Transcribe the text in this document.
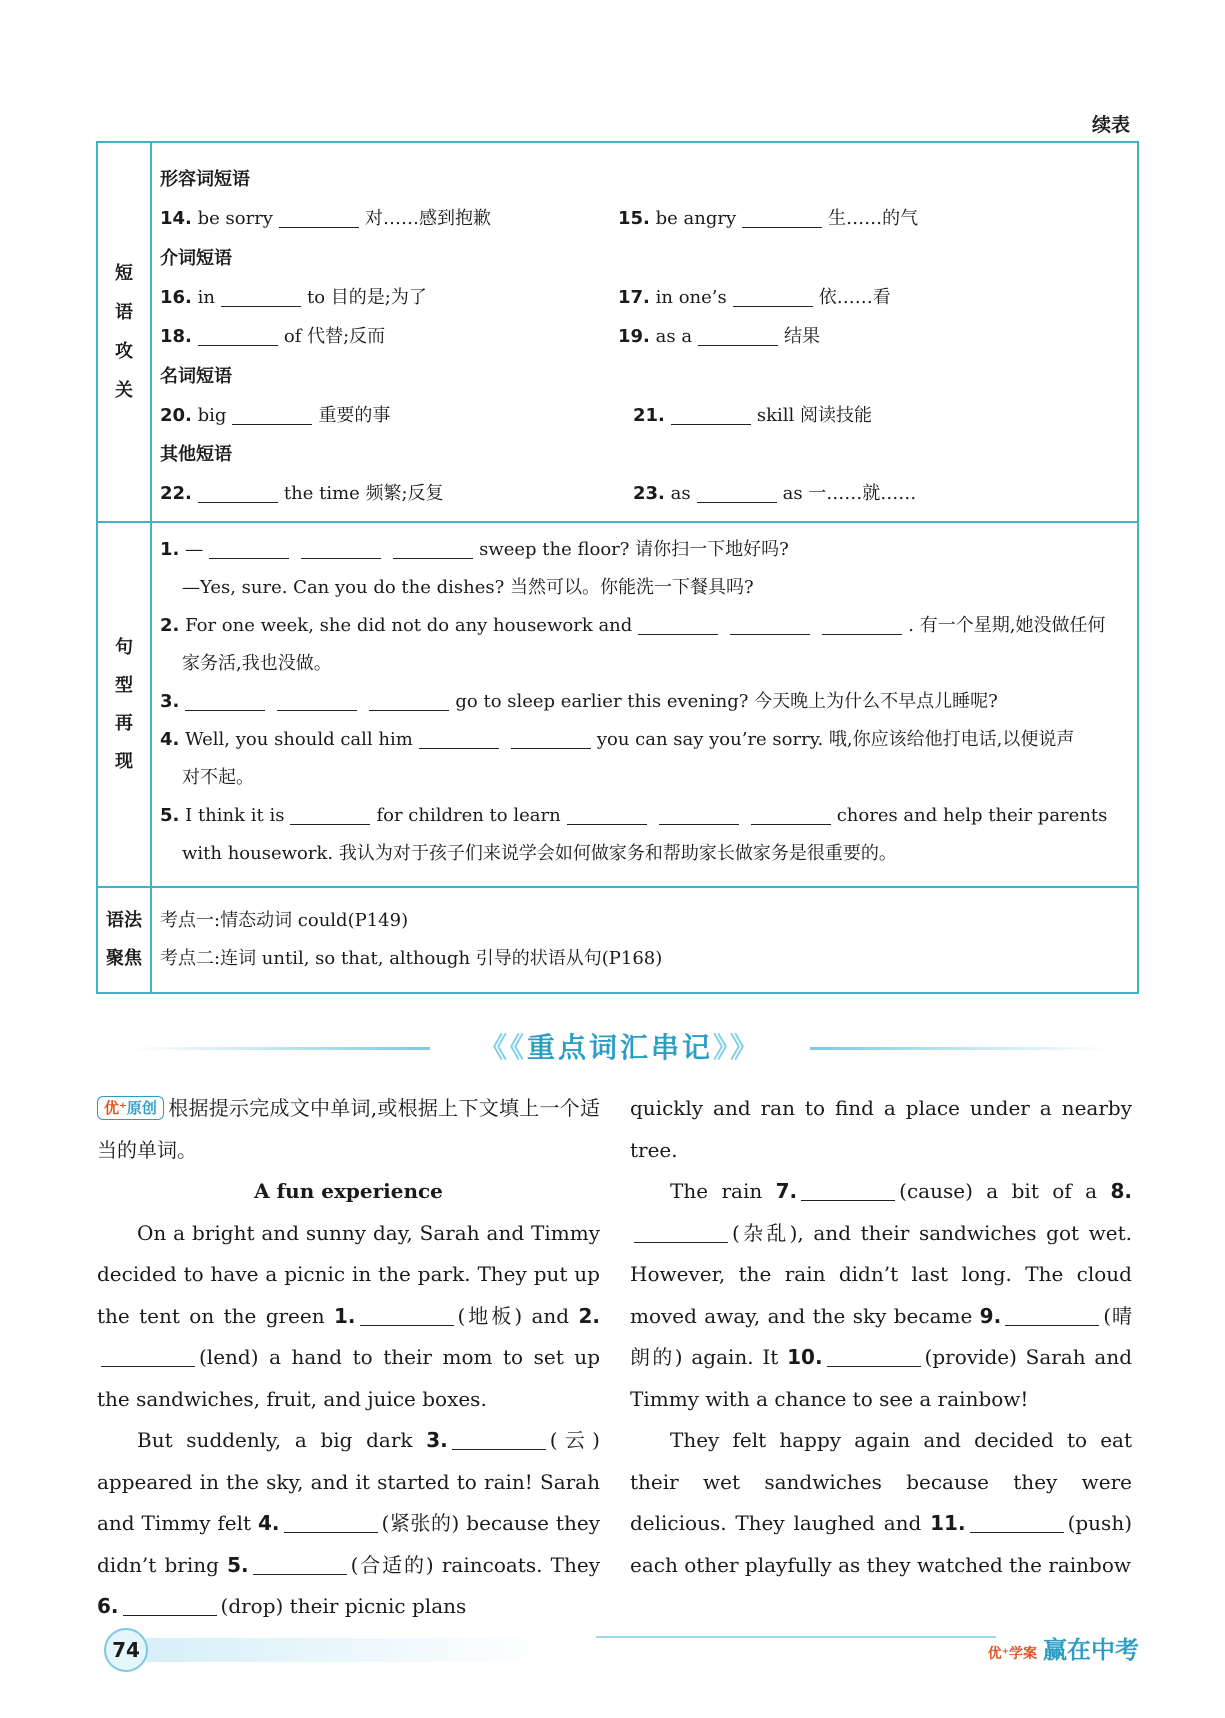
续表
短
语
攻
关
形容词短语
14. be sorry	对……感到抱歉	15. be angry	生……的气
介词短语
16. in	to 目的是;为了	17. in one’s	依……看
18.	of 代替;反而	19. as a	结果
名词短语
20. big	重要的事	21.	skill 阅读技能
其他短语
22.	the time 频繁;反复	23. as	as 一……就……
句
型
再
现
1. —	sweep the floor? 请你扫一下地好吗?
—Yes, sure. Can you do the dishes? 当然可以。你能洗一下餐具吗?
2. For one week, she did not do any housework and	. 有一个星期,她没做任何
家务活,我也没做。
3.	go to sleep earlier this evening? 今天晚上为什么不早点儿睡呢?
4. Well, you should call him	you can say you’re sorry. 哦,你应该给他打电话,以便说声
对不起。
5. I think it is	for children to learn	chores and help their parents
with housework. 我认为对于孩子们来说学会如何做家务和帮助家长做家务是很重要的。
语法
聚焦
考点一:情态动词 could(P149)
考点二:连词 until, so that, although 引导的状语从句(P168)
《《重点词汇串记》》
优⁺原创 根据提示完成文中单词,或根据上下文填上一个适当的单词。
A fun experience
On a bright and sunny day, Sarah and Timmy decided to have a picnic in the park. They put up the tent on the green 1.	(地板) and 2.(lend) a hand to their mom to set up the sandwiches, fruit, and juice boxes.
But suddenly, a big dark 3.	(云) appeared in the sky, and it started to rain! Sarah and Timmy felt 4.	(紧张的) because they didn’t bring 5.	(合适的) raincoats. They 6.	(drop) their picnic plans
quickly and ran to find a place under a nearby tree.
The rain 7.	(cause) a bit of a 8.(杂乱), and their sandwiches got wet. However, the rain didn’t last long. The cloud moved away, and the sky became 9.	(晴朗的) again. It 10.	(provide) Sarah and Timmy with a chance to see a rainbow!
They felt happy again and decided to eat their wet sandwiches because they were delicious. They laughed and 11.	(push) each other playfully as they watched the rainbow
74	优⁺学案 赢在中考
